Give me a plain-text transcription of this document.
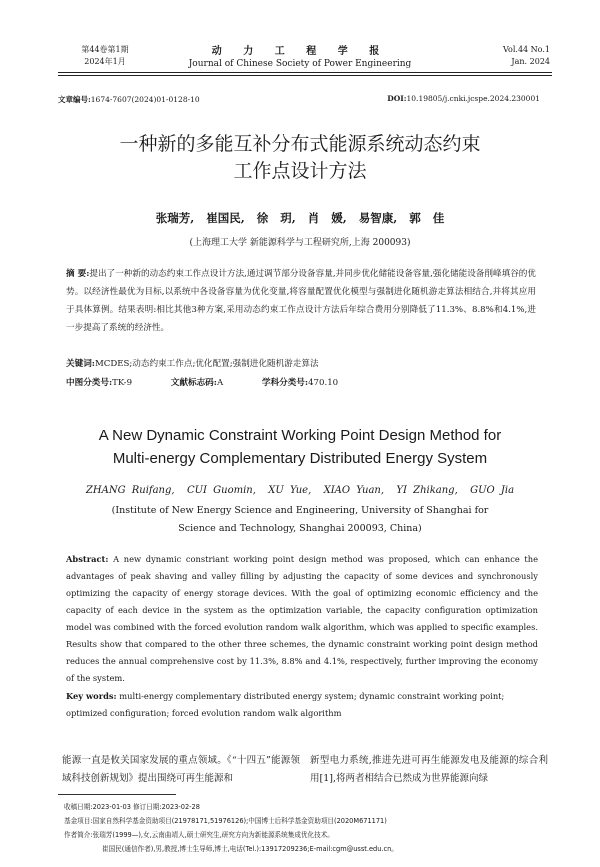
第44卷第1期
2024年1月
动 力 工 程 学 报
Journal of Chinese Society of Power Engineering
Vol.44 No.1
Jan. 2024
文章编号:1674-7607(2024)01-0128-10	DOI:10.19805/j.cnki.jcspe.2024.230001
一种新的多能互补分布式能源系统动态约束
工作点设计方法
张瑞芳,  崔国民,  徐  玥,  肖  媛,  易智康,  郭  佳
(上海理工大学 新能源科学与工程研究所,上海 200093)
摘 要:提出了一种新的动态约束工作点设计方法,通过调节部分设备容量,并同步优化储能设备容量,强化储能设备削峰填谷的优势。以经济性最优为目标,以系统中各设备容量为优化变量,将容量配置优化模型与强制进化随机游走算法相结合,并将其应用于具体算例。结果表明:相比其他3种方案,采用动态约束工作点设计方法后年综合费用分别降低了11.3%、8.8%和4.1%,进一步提高了系统的经济性。
关键词:MCDES;动态约束工作点;优化配置;强制进化随机游走算法
中图分类号:TK-9	文献标志码:A	学科分类号:470.10
A New Dynamic Constraint Working Point Design Method for
Multi-energy Complementary Distributed Energy System
ZHANG Ruifang,  CUI Guomin,  XU Yue,  XIAO Yuan,  YI Zhikang,  GUO Jia
(Institute of New Energy Science and Engineering, University of Shanghai for
Science and Technology, Shanghai 200093, China)
Abstract: A new dynamic constriant working point design method was proposed, which can enhance the advantages of peak shaving and valley filling by adjusting the capacity of some devices and synchronously optimizing the capacity of energy storage devices. With the goal of optimizing economic efficiency and the capacity of each device in the system as the optimization variable, the capacity configuration optimization model was combined with the forced evolution random walk algorithm, which was applied to specific examples. Results show that compared to the other three schemes, the dynamic constraint working point design method reduces the annual comprehensive cost by 11.3%, 8.8% and 4.1%, respectively, further improving the economy of the system.
Key words: multi-energy complementary distributed energy system; dynamic constraint working point; optimized configuration; forced evolution random walk algorithm
能源一直是攸关国家发展的重点领域。《“十四五”能源领域科技创新规划》提出围绕可再生能源和
新型电力系统,推进先进可再生能源发电及能源的综合利用[1],将两者相结合已然成为世界能源向绿
收稿日期:2023-01-03 修订日期:2023-02-28
基金项目:国家自然科学基金资助项目(21978171,51976126);中国博士后科学基金资助项目(2020M671171)
作者简介:张瑞芳(1999—),女,云南曲靖人,硕士研究生,研究方向为新能源系统集成优化技术。
崔国民(通信作者),男,教授,博士生导师,博士,电话(Tel.):13917209236;E-mail:cgm@usst.edu.cn。
